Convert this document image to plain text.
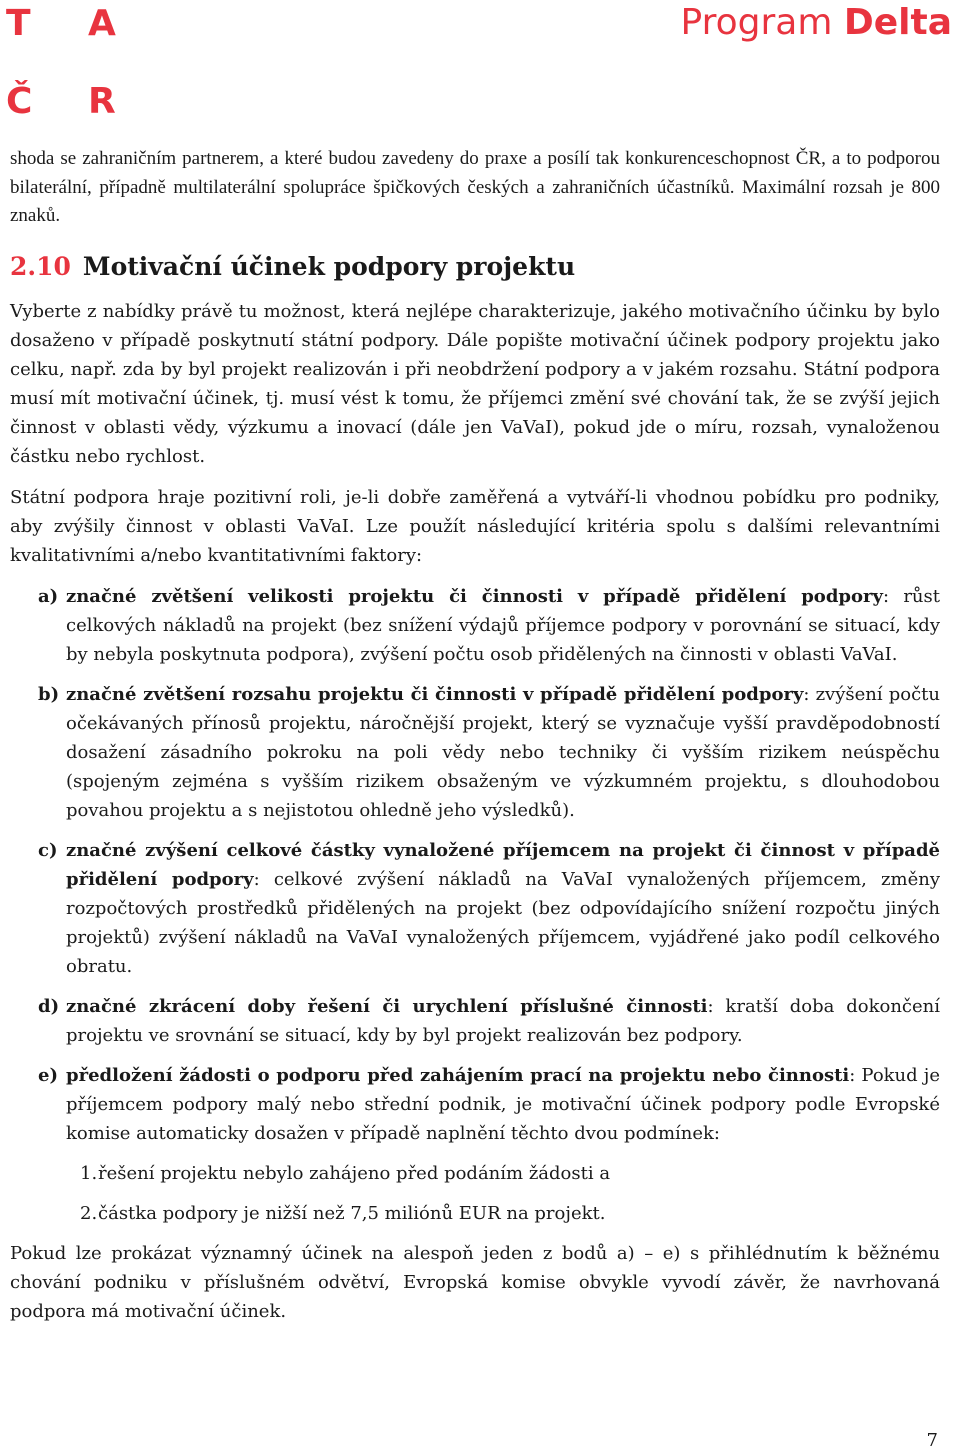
T A
Č R
Program Delta

shoda se zahraničním partnerem, a které budou zavedeny do praxe a posílí tak konkurenceschopnost ČR, a to podporou bilaterální, případně multilaterální spolupráce špičkových českých a zahraničních účastníků. Maximální rozsah je 800 znaků.

2.10 Motivační účinek podpory projektu

Vyberte z nabídky právě tu možnost, která nejlépe charakterizuje, jakého motivačního účinku by bylo dosaženo v případě poskytnutí státní podpory. Dále popište motivační účinek podpory projektu jako celku, např. zda by byl projekt realizován i při neobdržení podpory a v jakém rozsahu. Státní podpora musí mít motivační účinek, tj. musí vést k tomu, že příjemci změní své chování tak, že se zvýší jejich činnost v oblasti vědy, výzkumu a inovací (dále jen VaVaI), pokud jde o míru, rozsah, vynaloženou částku nebo rychlost.

Státní podpora hraje pozitivní roli, je-li dobře zaměřená a vytváří-li vhodnou pobídku pro podniky, aby zvýšily činnost v oblasti VaVaI. Lze použít následující kritéria spolu s dalšími relevantními kvalitativními a/nebo kvantitativními faktory:

a) značné zvětšení velikosti projektu či činnosti v případě přidělení podpory: růst celkových nákladů na projekt (bez snížení výdajů příjemce podpory v porovnání se situací, kdy by nebyla poskytnuta podpora), zvýšení počtu osob přidělených na činnosti v oblasti VaVaI.

b) značné zvětšení rozsahu projektu či činnosti v případě přidělení podpory: zvýšení počtu očekávaných přínosů projektu, náročnější projekt, který se vyznačuje vyšší pravděpodobností dosažení zásadního pokroku na poli vědy nebo techniky či vyšším rizikem neúspěchu (spojeným zejména s vyšším rizikem obsaženým ve výzkumném projektu, s dlouhodobou povahou projektu a s nejistotou ohledně jeho výsledků).

c) značné zvýšení celkové částky vynaložené příjemcem na projekt či činnost v případě přidělení podpory: celkové zvýšení nákladů na VaVaI vynaložených příjemcem, změny rozpočtových prostředků přidělených na projekt (bez odpovídajícího snížení rozpočtu jiných projektů) zvýšení nákladů na VaVaI vynaložených příjemcem, vyjádřené jako podíl celkového obratu.

d) značné zkrácení doby řešení či urychlení příslušné činnosti: kratší doba dokončení projektu ve srovnání se situací, kdy by byl projekt realizován bez podpory.

e) předložení žádosti o podporu před zahájením prací na projektu nebo činnosti: Pokud je příjemcem podpory malý nebo střední podnik, je motivační účinek podpory podle Evropské komise automaticky dosažen v případě naplnění těchto dvou podmínek:

1. řešení projektu nebylo zahájeno před podáním žádosti a

2. částka podpory je nižší než 7,5 miliónů EUR na projekt.

Pokud lze prokázat významný účinek na alespoň jeden z bodů a) – e) s přihlédnutím k běžnému chování podniku v příslušném odvětví, Evropská komise obvykle vyvodí závěr, že navrhovaná podpora má motivační účinek.

7
